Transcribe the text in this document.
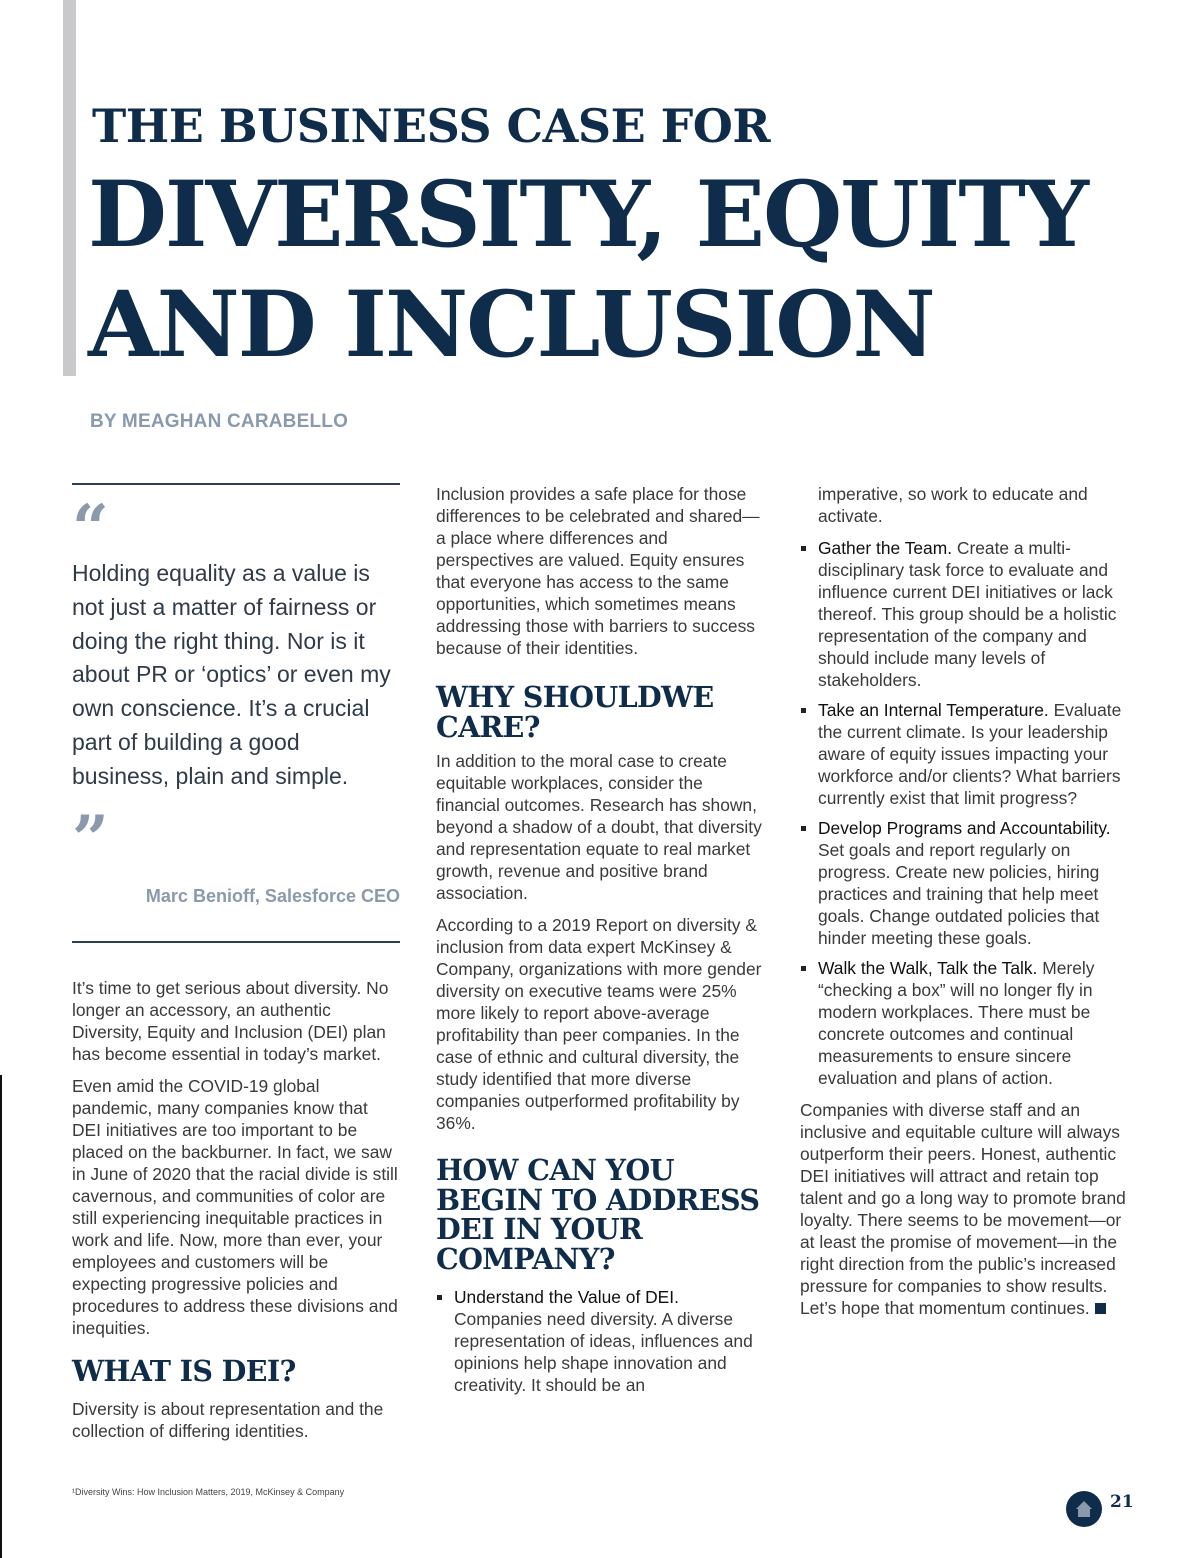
THE BUSINESS CASE FOR
DIVERSITY, EQUITY
AND INCLUSION
BY MEAGHAN CARABELLO
“

Holding equality as a value is not just a matter of fairness or doing the right thing. Nor is it about PR or ‘optics’ or even my own conscience. It’s a crucial part of building a good business, plain and simple.

”
Marc Benioff, Salesforce CEO

It’s time to get serious about diversity. No longer an accessory, an authentic Diversity, Equity and Inclusion (DEI) plan has become essential in today’s market.

Even amid the COVID-19 global pandemic, many companies know that DEI initiatives are too important to be placed on the backburner. In fact, we saw in June of 2020 that the racial divide is still cavernous, and communities of color are still experiencing inequitable practices in work and life. Now, more than ever, your employees and customers will be expecting progressive policies and procedures to address these divisions and inequities.

WHAT IS DEI?

Diversity is about representation and the collection of differing identities.

Inclusion provides a safe place for those differences to be celebrated and shared—a place where differences and perspectives are valued. Equity ensures that everyone has access to the same opportunities, which sometimes means addressing those with barriers to success because of their identities.

WHY SHOULDWE CARE?

In addition to the moral case to create equitable workplaces, consider the financial outcomes. Research has shown, beyond a shadow of a doubt, that diversity and representation equate to real market growth, revenue and positive brand association.

According to a 2019 Report on diversity & inclusion from data expert McKinsey & Company, organizations with more gender diversity on executive teams were 25% more likely to report above-average profitability than peer companies. In the case of ethnic and cultural diversity, the study identified that more diverse companies outperformed profitability by 36%.

HOW CAN YOU BEGIN TO ADDRESS DEI IN YOUR COMPANY?
Understand the Value of DEI. Companies need diversity. A diverse representation of ideas, influences and opinions help shape innovation and creativity. It should be an

imperative, so work to educate and activate.

Gather the Team. Create a multi-disciplinary task force to evaluate and influence current DEI initiatives or lack thereof. This group should be a holistic representation of the company and should include many levels of stakeholders.
Take an Internal Temperature. Evaluate the current climate. Is your leadership aware of equity issues impacting your workforce and/or clients? What barriers currently exist that limit progress?
Develop Programs and Accountability. Set goals and report regularly on progress. Create new policies, hiring practices and training that help meet goals. Change outdated policies that hinder meeting these goals.
Walk the Walk, Talk the Talk. Merely “checking a box” will no longer fly in modern workplaces. There must be concrete outcomes and continual measurements to ensure sincere evaluation and plans of action.

Companies with diverse staff and an inclusive and equitable culture will always outperform their peers. Honest, authentic DEI initiatives will attract and retain top talent and go a long way to promote brand loyalty. There seems to be movement—or at least the promise of movement—in the right direction from the public’s increased pressure for companies to show results. Let’s hope that momentum continues.

¹Diversity Wins: How Inclusion Matters, 2019, McKinsey & Company	21
